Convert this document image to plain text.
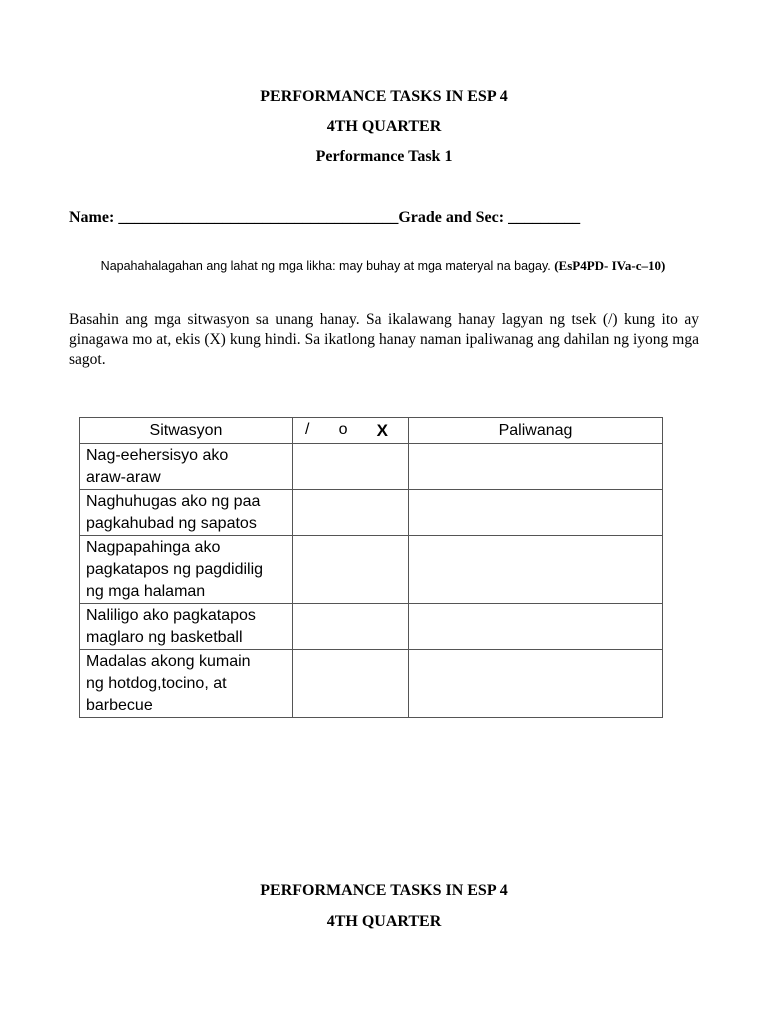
PERFORMANCE TASKS IN ESP 4
4TH QUARTER
Performance Task 1
Name: ___________________________________Grade and Sec: _________
Napahahalagahan ang lahat ng mga likha: may buhay at mga materyal na bagay. (EsP4PD- IVa-c–10)
Basahin ang mga sitwasyon sa unang hanay. Sa ikalawang hanay lagyan ng tsek (/) kung ito ay ginagawa mo at, ekis (X) kung hindi. Sa ikatlong hanay naman ipaliwanag ang dahilan ng iyong mga sagot.
Sitwasyon	/ o X	Paliwanag

Nag-eehersisyo ako
araw-araw		

Naghuhugas ako ng paa
pagkahubad ng sapatos		

Nagpapahinga ako
pagkatapos ng pagdidilig
ng mga halaman		

Naliligo ako pagkatapos
maglaro ng basketball		

Madalas akong kumain
ng hotdog,tocino, at
barbecue		

PERFORMANCE TASKS IN ESP 4
4TH QUARTER
